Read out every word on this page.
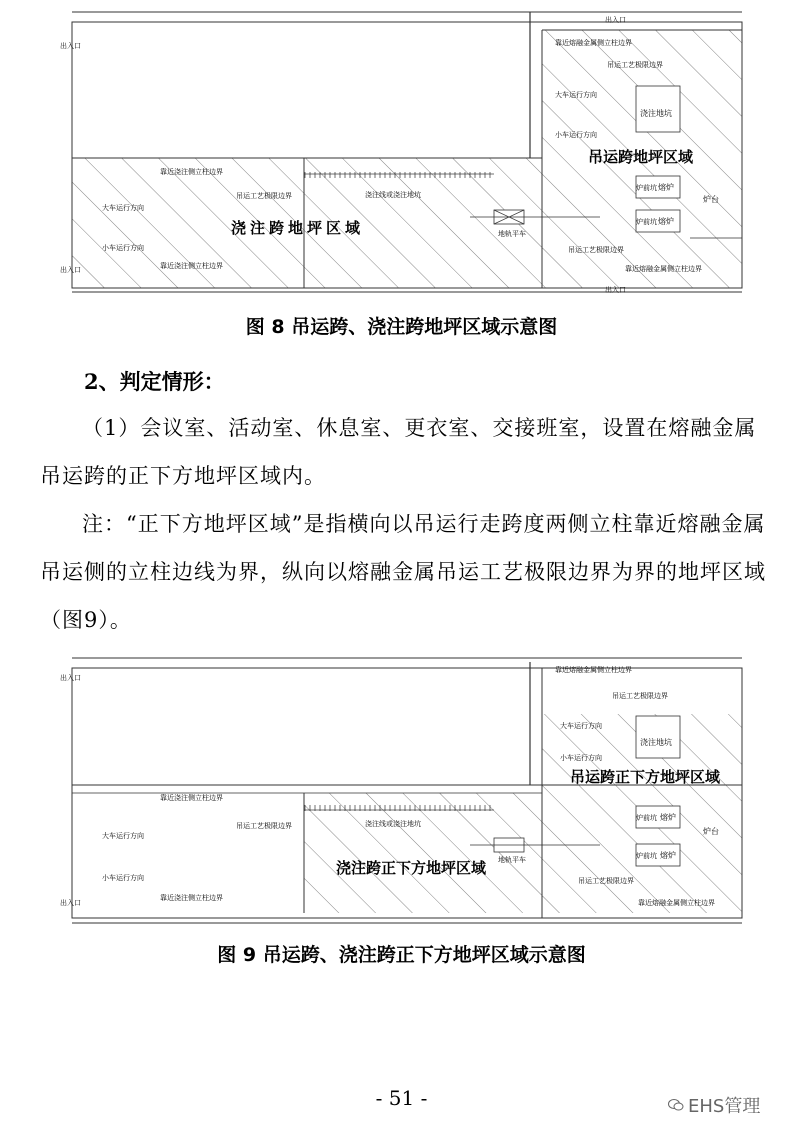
出入口
出入口
出入口
出入口
靠近熔融金属侧立柱边界
吊运工艺极限边界
大车运行方向
小车运行方向
浇注地坑
吊运跨地坪区域
靠近浇注侧立柱边界
吊运工艺极限边界	浇注线或浇注地坑
大车运行方向
小车运行方向
浇注跨地坪区域	地轨平车
靠近浇注侧立柱边界
熔炉
炉前坑
熔炉
炉前坑
炉台
吊运工艺极限边界
靠近熔融金属侧立柱边界
图 8 吊运跨、浇注跨地坪区域示意图
2、判定情形：
（1）会议室、活动室、休息室、更衣室、交接班室，设置在熔融金属吊运跨的正下方地坪区域内。
注：“正下方地坪区域”是指横向以吊运行走跨度两侧立柱靠近熔融金属吊运侧的立柱边线为界，纵向以熔融金属吊运工艺极限边界为界的地坪区域（图9）。
出入口
出入口
靠近熔融金属侧立柱边界
吊运工艺极限边界
大车运行方向
小车运行方向
浇注地坑
吊运跨正下方地坪区域
靠近浇注侧立柱边界
吊运工艺极限边界	浇注线或浇注地坑
大车运行方向
小车运行方向
浇注跨正下方地坪区域 地轨平车
靠近浇注侧立柱边界
熔炉
炉前坑
熔炉
炉前坑
炉台
吊运工艺极限边界
靠近熔融金属侧立柱边界
图 9 吊运跨、浇注跨正下方地坪区域示意图
- 51 -	EHS管理
